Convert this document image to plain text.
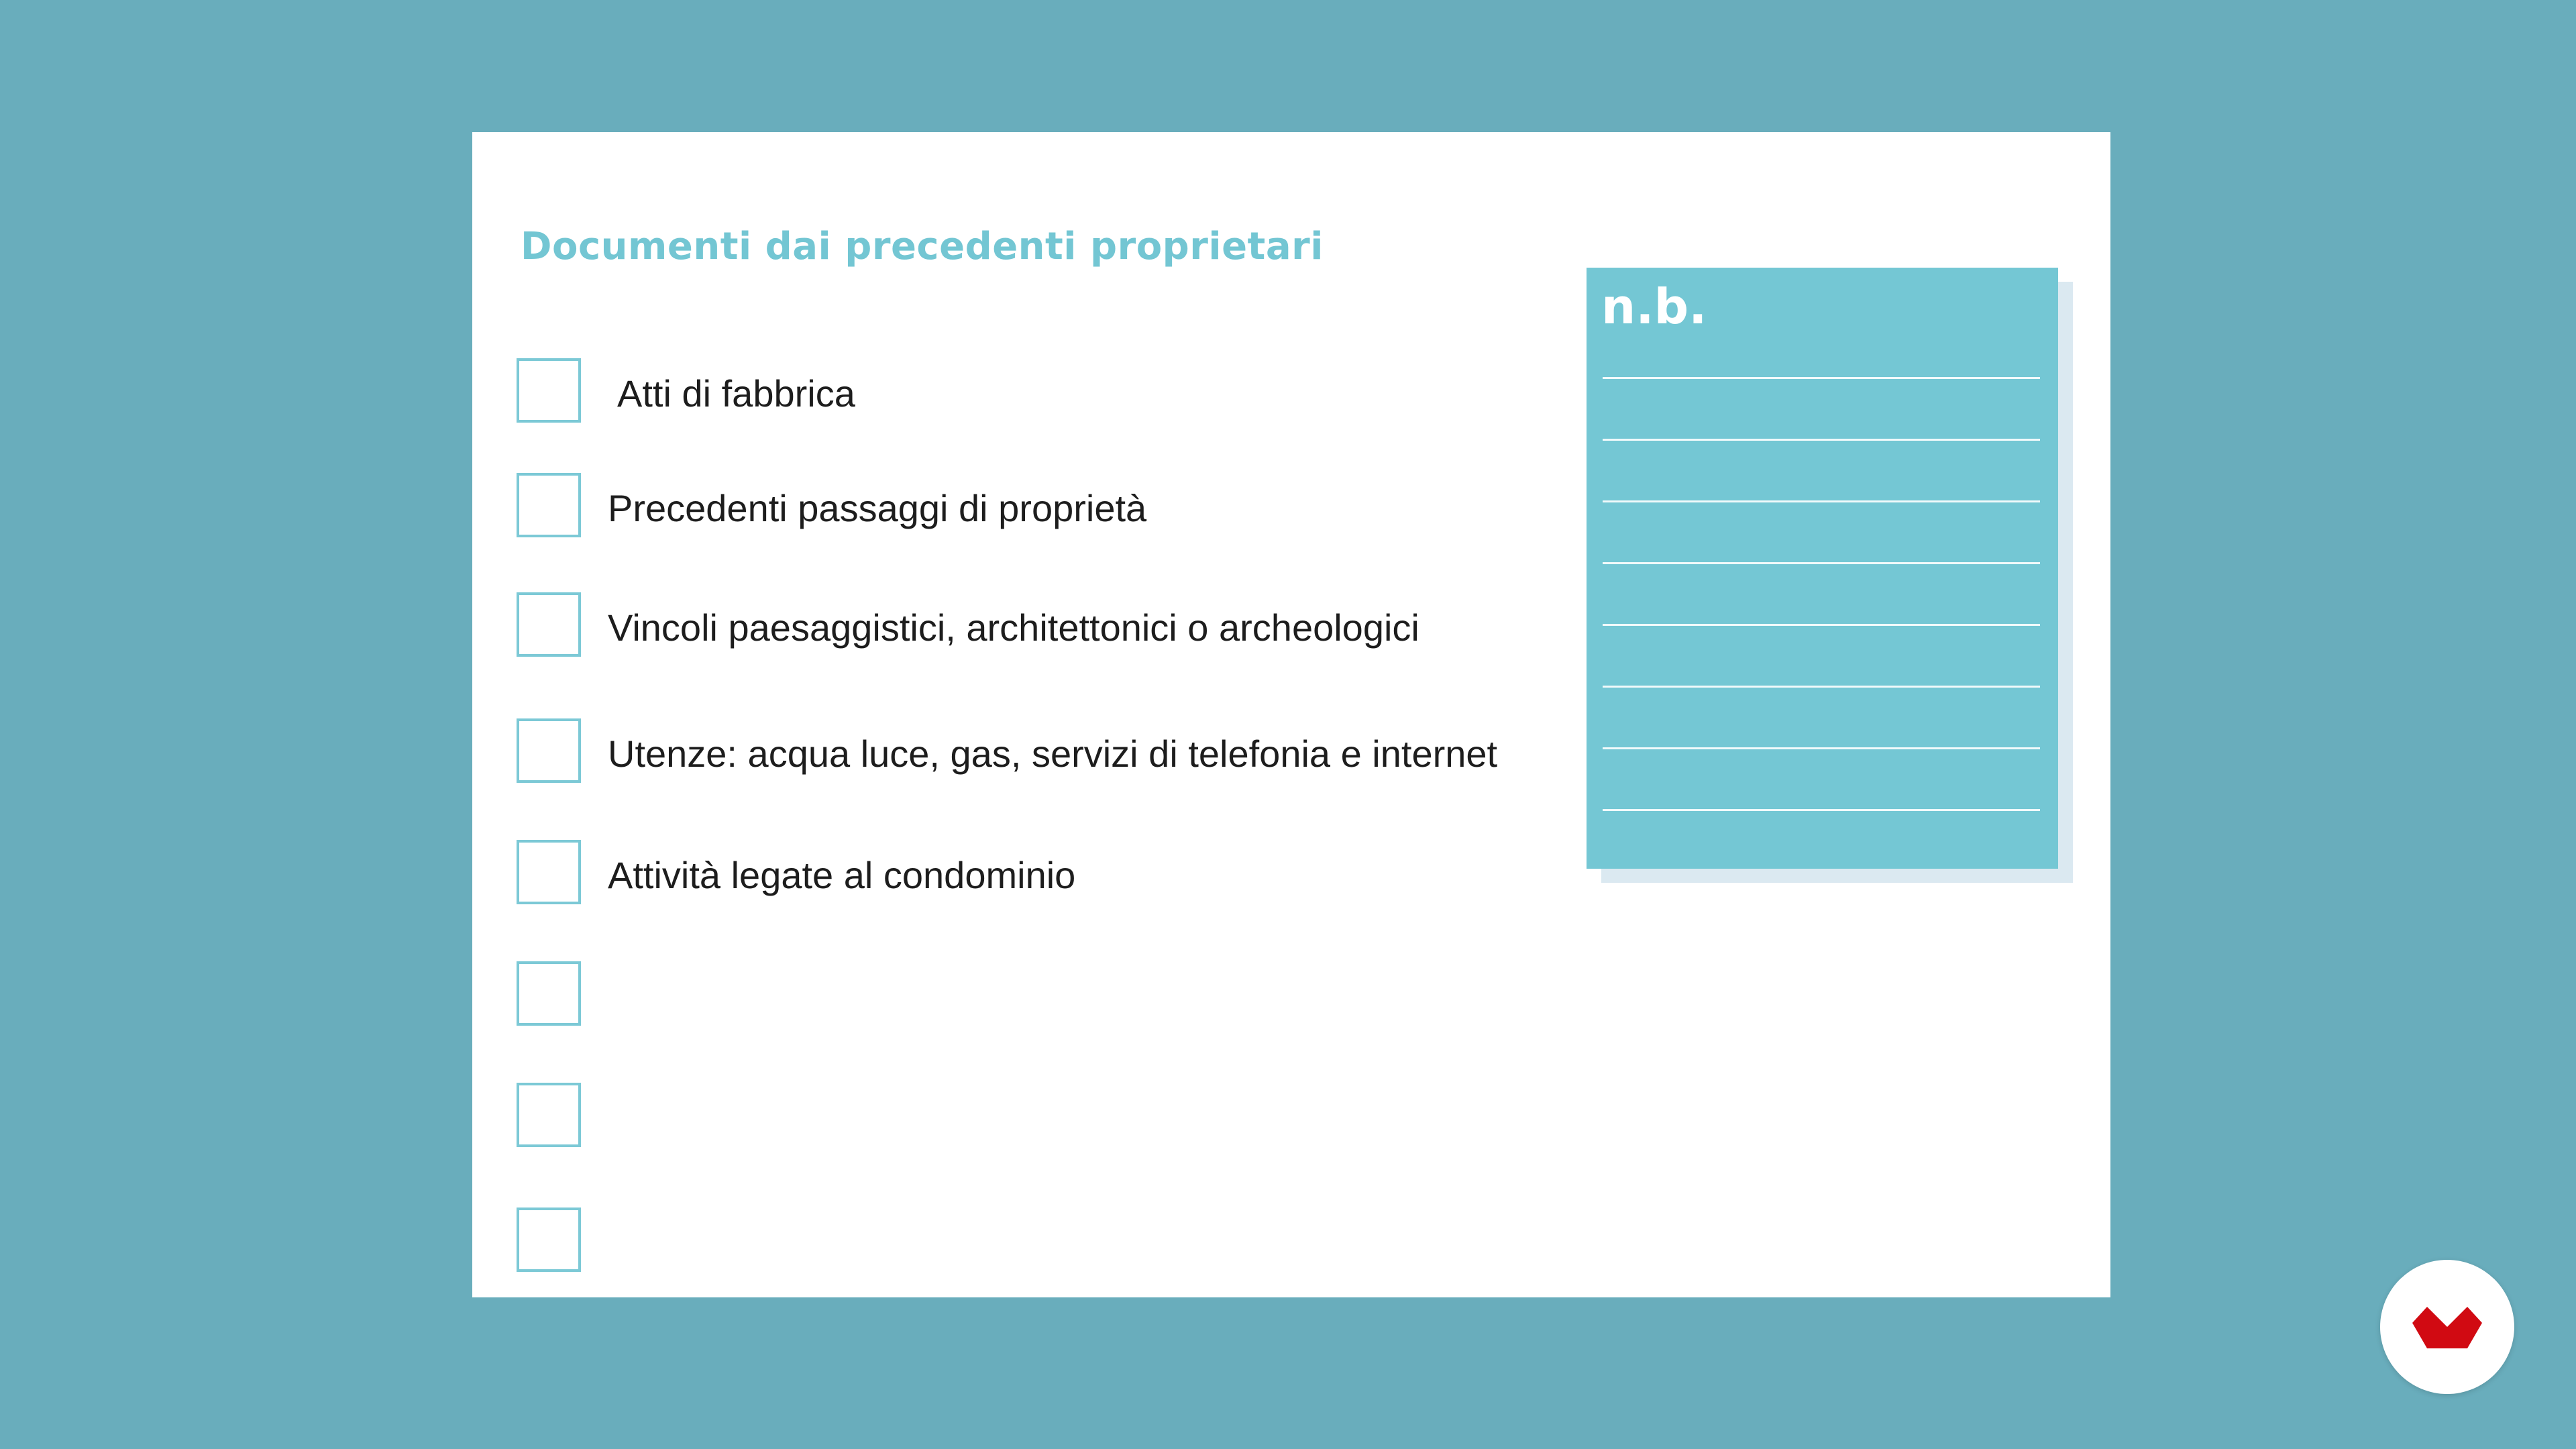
Documenti dai precedenti proprietari
Atti di fabbrica
Precedenti passaggi di proprietà
Vincoli paesaggistici, architettonici o archeologici
Utenze: acqua luce, gas, servizi di telefonia e internet
Attività legate al condominio
n.b.
